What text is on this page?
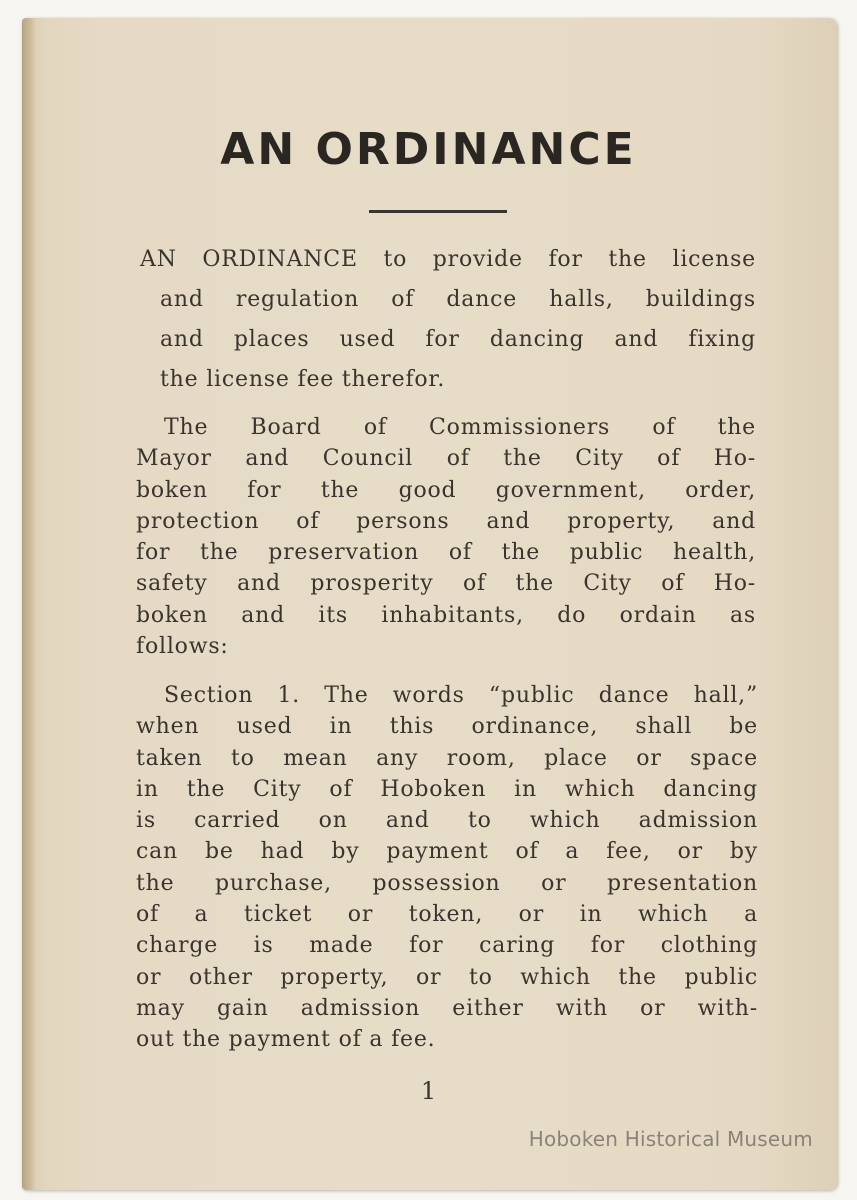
AN ORDINANCE

AN ORDINANCE to provide for the license
and regulation of dance halls, buildings
and places used for dancing and fixing
the license fee therefor.

The Board of Commissioners of the
Mayor and Council of the City of Ho-
boken for the good government, order,
protection of persons and property, and
for the preservation of the public health,
safety and prosperity of the City of Ho-
boken and its inhabitants, do ordain as
follows:

Section 1. The words “public dance hall,”
when used in this ordinance, shall be
taken to mean any room, place or space
in the City of Hoboken in which dancing
is carried on and to which admission
can be had by payment of a fee, or by
the purchase, possession or presentation
of a ticket or token, or in which a
charge is made for caring for clothing
or other property, or to which the public
may gain admission either with or with-
out the payment of a fee.

1
Hoboken Historical Museum
